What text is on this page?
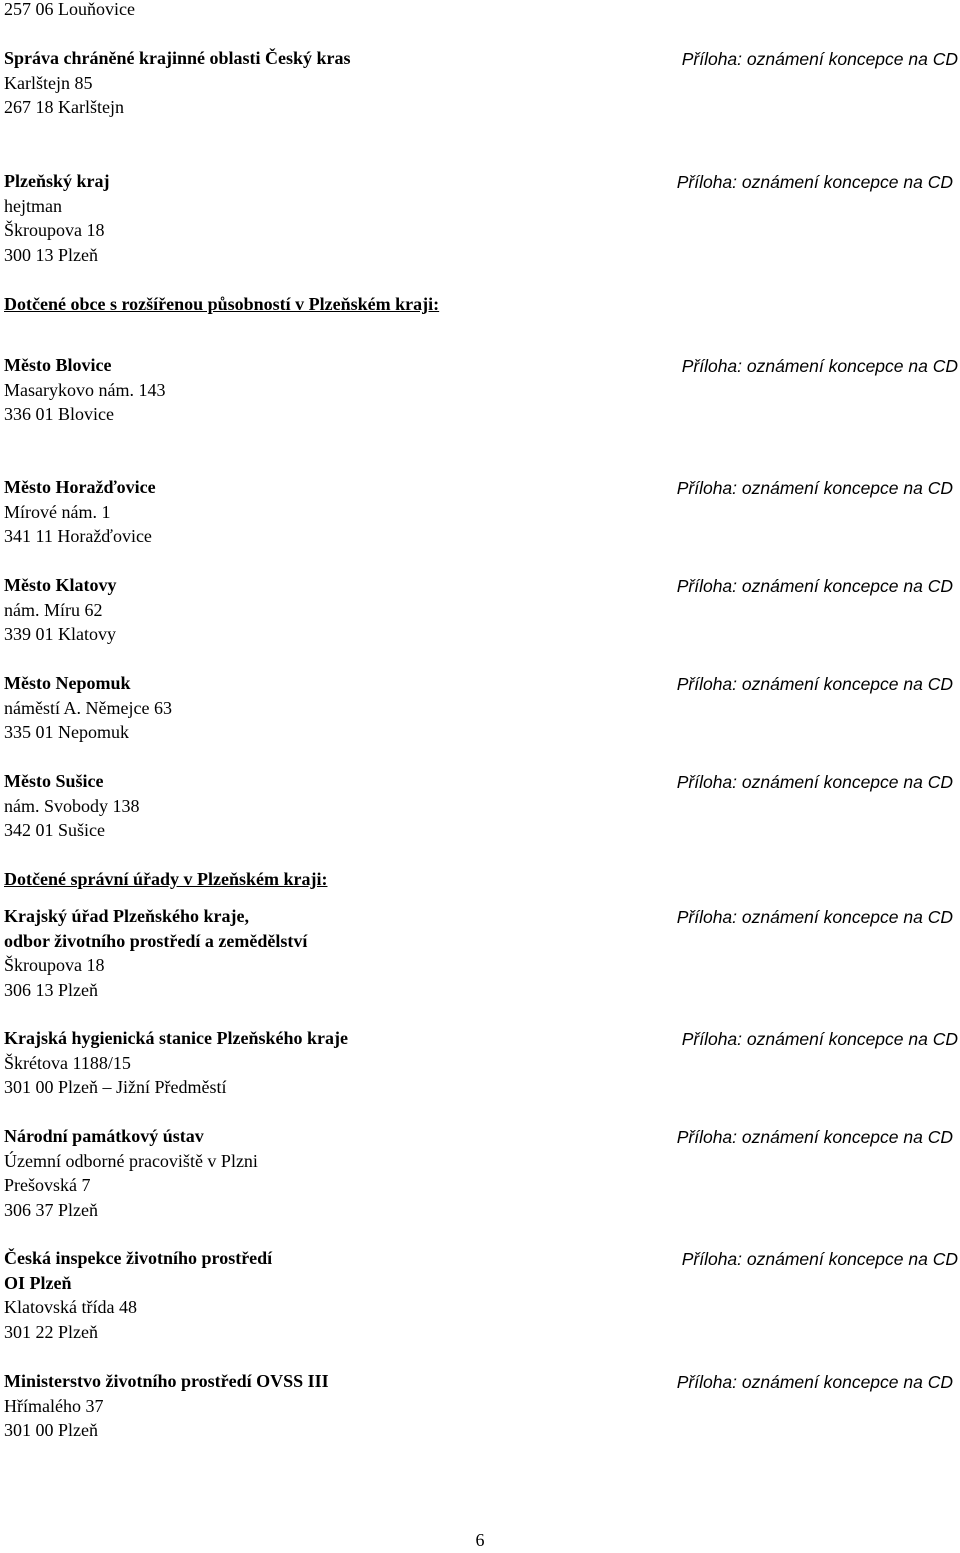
257 06 Louňovice
Správa chráněné krajinné oblasti Český kras
Karlštejn 85
267 18 Karlštejn
Příloha: oznámení koncepce na CD
Plzeňský kraj
hejtman
Škroupova 18
300 13 Plzeň
Příloha: oznámení koncepce na CD
Dotčené obce s rozšířenou působností v Plzeňském kraji:
Město Blovice
Masarykovo nám. 143
336 01 Blovice
Příloha: oznámení koncepce na CD
Město Horažďovice
Mírové nám. 1
341 11 Horažďovice
Příloha: oznámení koncepce na CD
Město Klatovy
nám. Míru 62
339 01 Klatovy
Příloha: oznámení koncepce na CD
Město Nepomuk
náměstí A. Němejce 63
335 01 Nepomuk
Příloha: oznámení koncepce na CD
Město Sušice
nám. Svobody 138
342 01 Sušice
Příloha: oznámení koncepce na CD
Dotčené správní úřady v Plzeňském kraji:
Krajský úřad Plzeňského kraje,
odbor životního prostředí a zemědělství
Škroupova 18
306 13 Plzeň
Příloha: oznámení koncepce na CD
Krajská hygienická stanice Plzeňského kraje
Škrétova 1188/15
301 00 Plzeň – Jižní Předměstí
Příloha: oznámení koncepce na CD
Národní památkový ústav
Územní odborné pracoviště v Plzni
Prešovská 7
306 37 Plzeň
Příloha: oznámení koncepce na CD
Česká inspekce životního prostředí
OI Plzeň
Klatovská třída 48
301 22 Plzeň
Příloha: oznámení koncepce na CD
Ministerstvo životního prostředí OVSS III
Hřímalého 37
301 00 Plzeň
Příloha: oznámení koncepce na CD
6
